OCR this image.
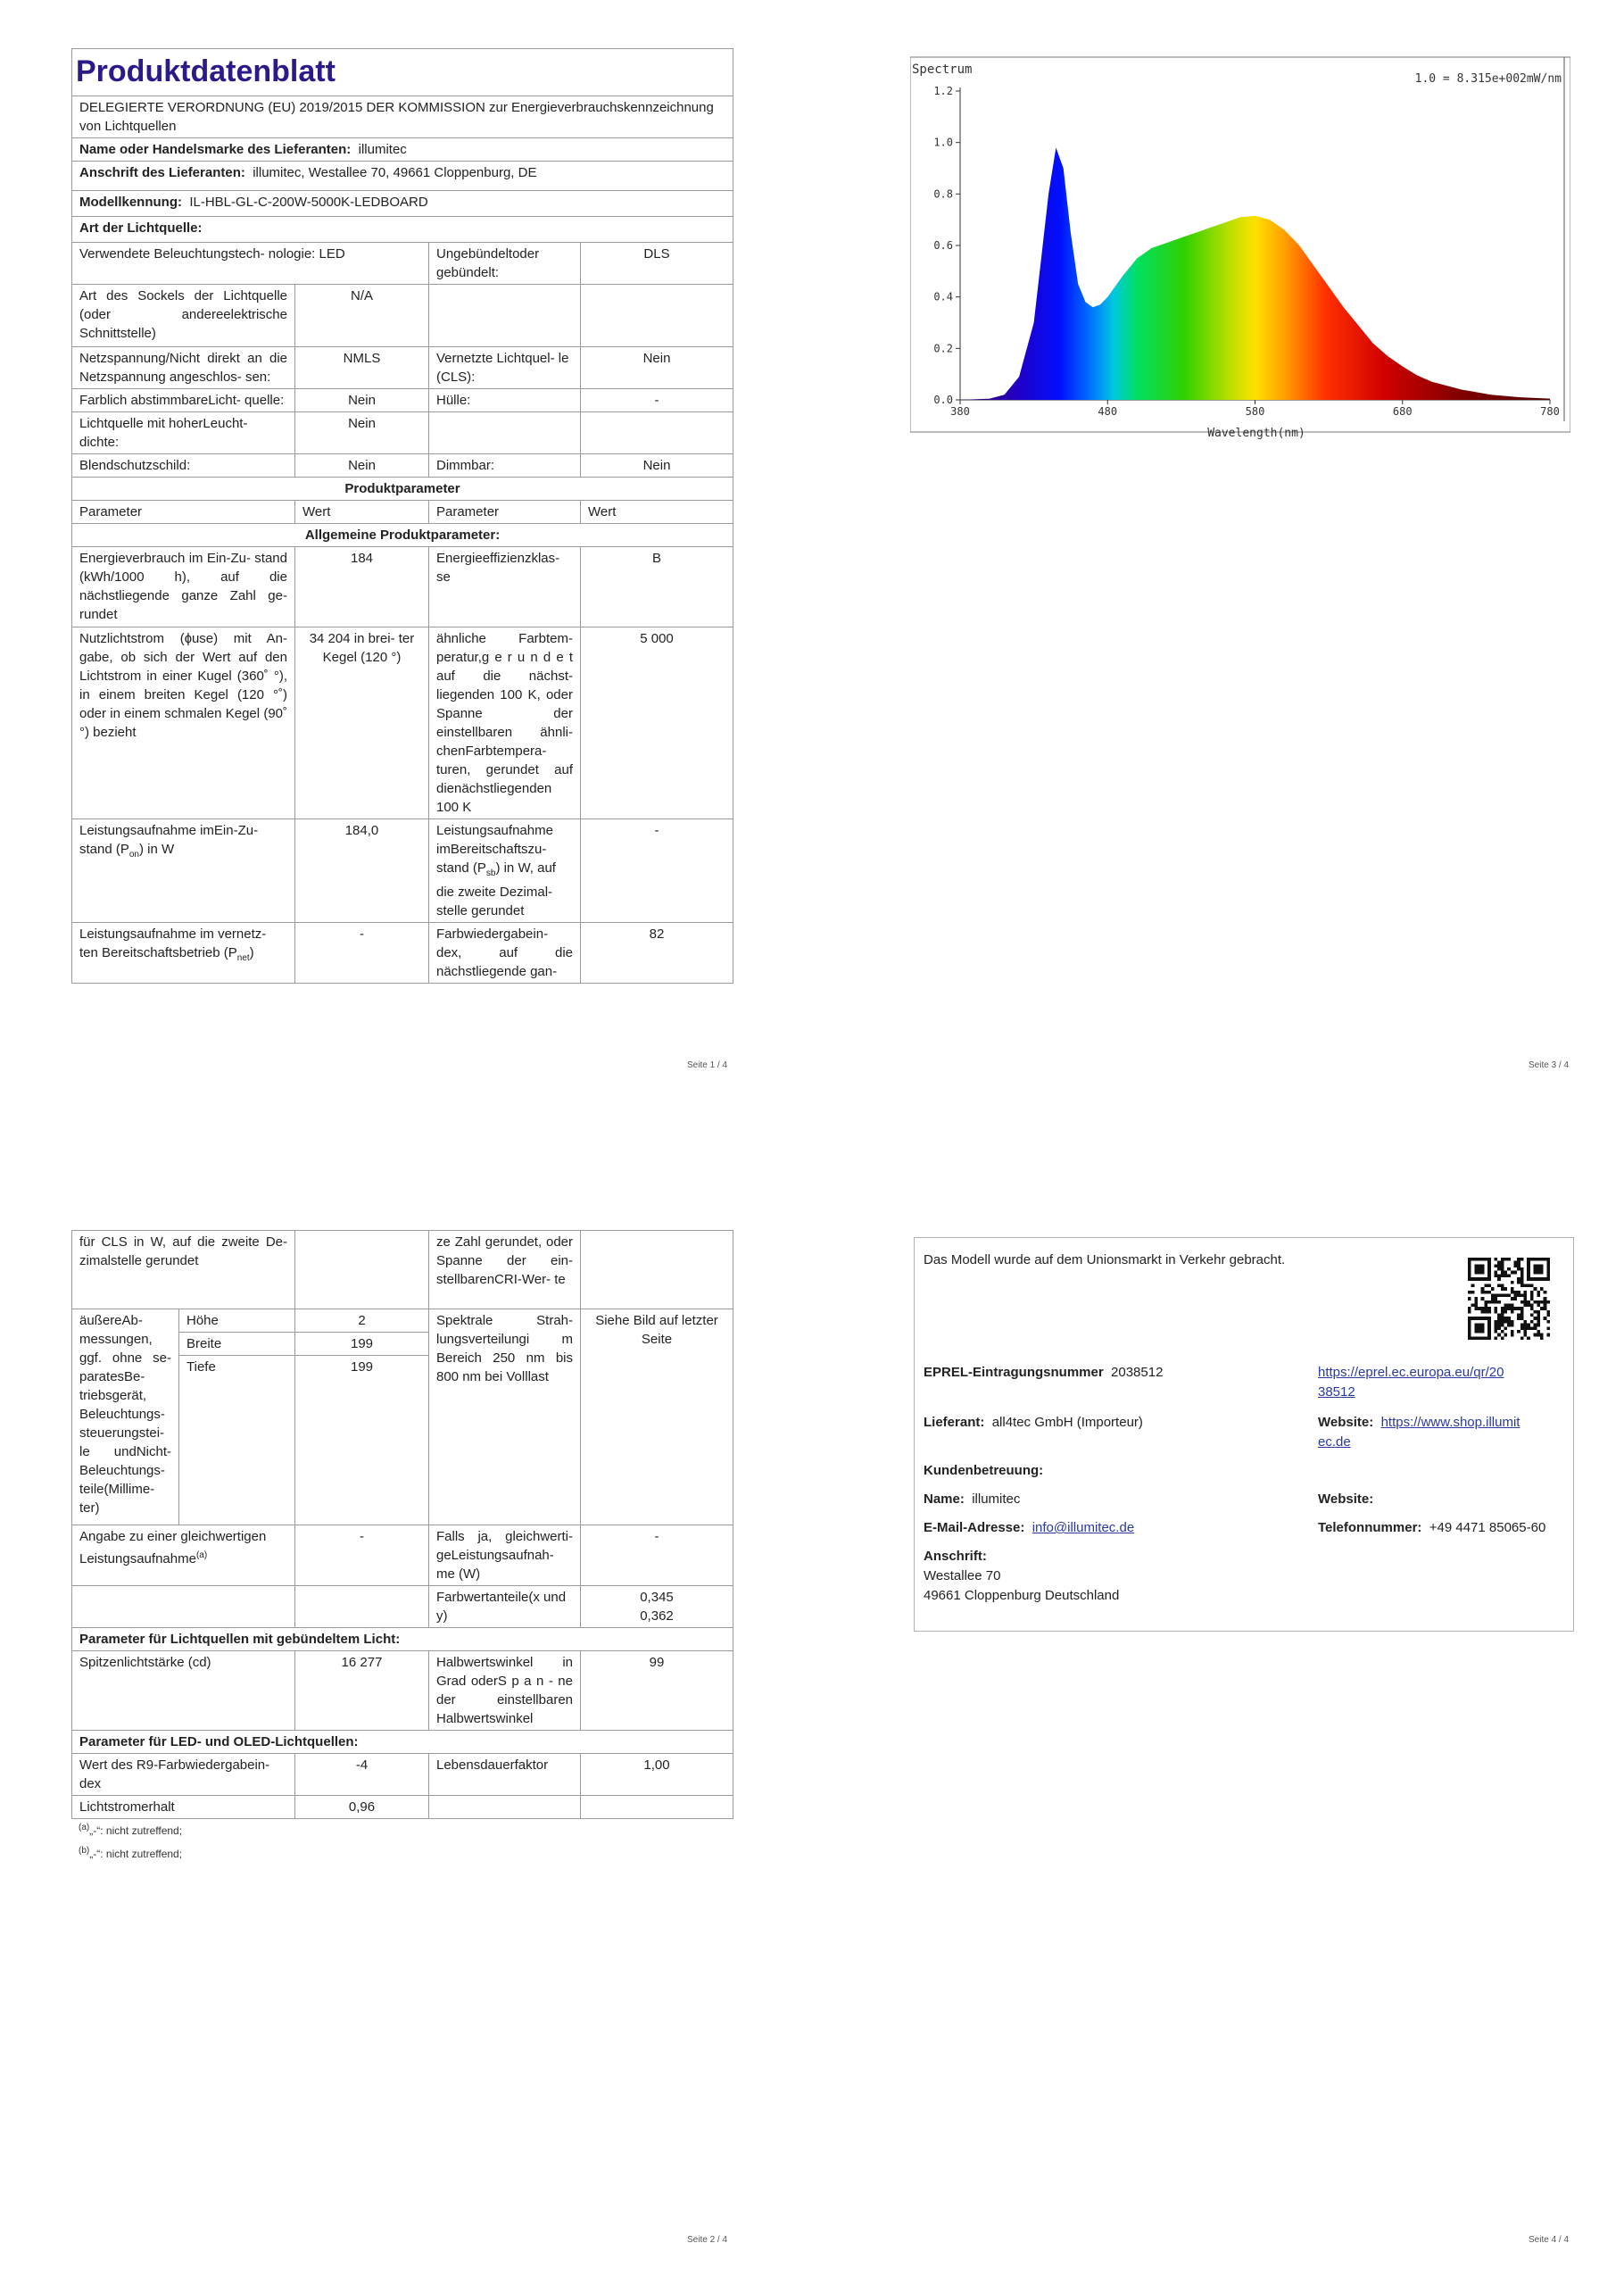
Produktdatenblatt			
DELEGIERTE VERORDNUNG (EU) 2019/2015 DER KOMMISSION zur Energieverbrauchskennzeichnung von Lichtquellen			
Name oder Handelsmarke des Lieferanten: illumitec			
Anschrift des Lieferanten: illumitec, Westallee 70, 49661 Cloppenburg, DE			
Modellkennung: IL-HBL-GL-C-200W-5000K-LEDBOARD			
Art der Lichtquelle:			
Verwendete Beleuchtungstech- nologie: LED		Ungebündeltoder gebündelt:	DLS
Art des Sockels der Lichtquelle (oder andereelektrische Schnittstelle)	N/A		
Netzspannung/Nicht direkt an die Netzspannung angeschlos- sen:	NMLS	Vernetzte Lichtquel- le (CLS):	Nein
Farblich abstimmbareLicht- quelle:	Nein	Hülle:	-
Lichtquelle mit hoherLeucht- dichte:	Nein		
Blendschutzschild:	Nein	Dimmbar:	Nein
Produktparameter			
Parameter	Wert	Parameter	Wert
Allgemeine Produktparameter:			
Energieverbrauch im Ein-Zu- stand (kWh/1000 h), auf die nächstliegende ganze Zahl ge- rundet	184	Energieeffizienzklas- se	B
Nutzlichtstrom (ɸuse) mit An- gabe, ob sich der Wert auf den Lichtstrom in einer Kugel (360˚ °), in einem breiten Kegel (120 °˚) oder in einem schmalen Kegel (90˚ °) bezieht	34 204 in brei- ter Kegel (120 °)	ähnliche Farbtem- peratur,g e r u n d e t auf die nächst- liegenden 100 K, oder Spanne der einstellbaren ähnli- chenFarbtempera- turen, gerundet auf dienächstliegenden 100 K	5 000
Leistungsaufnahme imEin-Zu- stand $(P_{on})$ in W	184,0	Leistungsaufnahme imBereitschaftszu- stand $(P_{sb})$ in W, auf die zweite Dezimal- stelle gerundet	-
Leistungsaufnahme im vernetz- ten Bereitschaftsbetrieb $(P_{net})$	-	Farbwiedergabein- dex, auf die nächstliegende gan-	82
Seite 1 / 4
0.0
0.2
0.4
0.6
0.8
1.0
1.2
380	480	580	680	780
Spectrum
1.0 = 8.315e+002mW/nm
Wavelength(nm)
Seite 3 / 4
für CLS in W, auf die zweite De- zimalstelle gerundet			ze Zahl gerundet, oder Spanne der ein- stellbarenCRI-Wer- te	
äußereAb- messungen, ggf. ohne se- paratesBe- triebsgerät, Beleuchtungs- steuerungstei- le undNicht- Beleuchtungs- teile(Millime- ter)	Höhe	2	Spektrale Strah- lungsverteilungi m Bereich 250 nm bis 800 nm bei Volllast	Siehe Bild auf letzter Seite
	Breite	199		
	Tiefe	199		
Angabe zu einer gleichwertigen Leistungsaufnahme$^{(a)}$		-	Falls ja, gleichwerti- geLeistungsaufnah- me (W)	-
			Farbwertanteile(x und y)	0,345
0,362

Parameter für Lichtquellen mit gebündeltem Licht:				
Spitzenlichtstärke (cd)		16 277	Halbwertswinkel in Grad oderS p a n - ne der einstellbaren Halbwertswinkel	99
Parameter für LED- und OLED-Lichtquellen:				
Wert des R9-Farbwiedergabein- dex		-4	Lebensdauerfaktor	1,00
Lichtstromerhalt		0,96		
$^{(a)}$„-“: nicht zutreffend;
$^{(b)}$„-“: nicht zutreffend;
Seite 2 / 4
Das Modell wurde auf dem Unionsmarkt in Verkehr gebracht.
EPREL-Eintragungsnummer 2038512	https://eprel.ec.europa.eu/qr/20
38512
Lieferant: all4tec GmbH (Importeur)	Website: https://www.shop.illumit
ec.de
Kundenbetreuung:
Name: illumitec	Website:
E-Mail-Adresse: info@illumitec.de	Telefonnummer: +49 4471 85065-60
Anschrift:
Westallee 70
49661 Cloppenburg Deutschland
Seite 4 / 4
